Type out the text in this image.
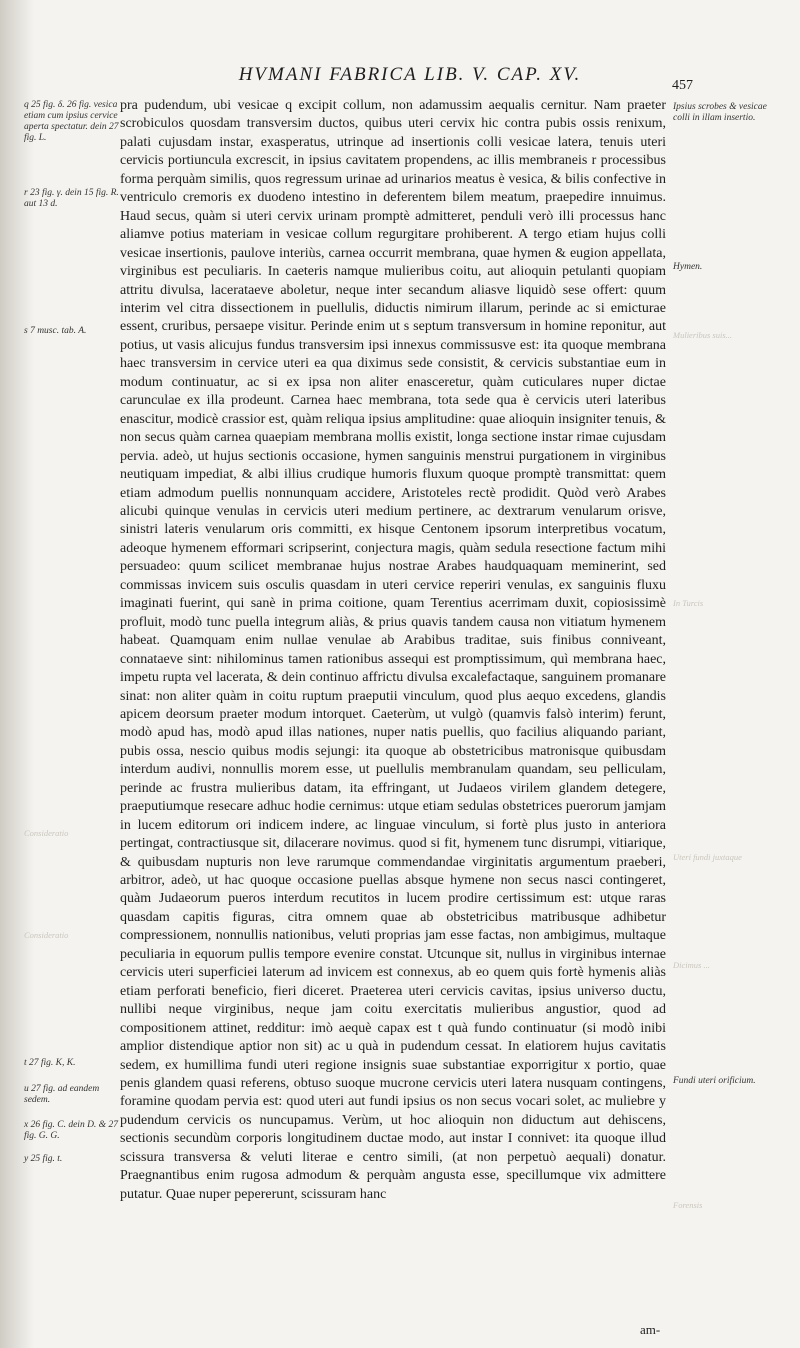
HVMANI FABRICA LIB. V. CAP. XV.
457
q 25 fig. δ. 26 fig. vesica etiam cum ipsius cervice aperta spectatur. dein 27 fig. L.
r 23 fig. γ. dein 15 fig. R. aut 13 d.
s 7 musc. tab. A.
t 27 fig. K, K.
u 27 fig. ad eandem sedem.
x 26 fig. C. dein D. & 27 fig. G. G.
y 25 fig. t.
Ipsius scrobes & vesicae colli in illam insertio.
Hymen.
Fundi uteri orificium.
Mulieribus suis...
In Turcis
Consideratio
Uteri fundi juxtaque
Consideratio
Dicimus ...
Forensis
pra pudendum, ubi vesicae q excipit collum, non adamussim aequalis cernitur. Nam praeter scrobiculos quosdam transversim ductos, quibus uteri cervix hic contra pubis ossis renixum, palati cujusdam instar, exasperatus, utrinque ad insertionis colli vesicae latera, tenuis uteri cervicis portiuncula excrescit, in ipsius cavitatem propendens, ac illis membraneis r processibus forma perquàm similis, quos regressum urinae ad urinarios meatus è vesica, & bilis confective in ventriculo cremoris ex duodeno intestino in deferentem bilem meatum, praepedire innuimus. Haud secus, quàm si uteri cervix urinam promptè admitteret, penduli verò illi processus hanc aliamve potius materiam in vesicae collum regurgitare prohiberent. A tergo etiam hujus colli vesicae insertionis, paulove interiùs, carnea occurrit membrana, quae hymen & eugion appellata, virginibus est peculiaris. In caeteris namque mulieribus coitu, aut alioquin petulanti quopiam attritu divulsa, lacerataeve aboletur, neque inter secandum aliasve liquidò sese offert: quum interim vel citra dissectionem in puellulis, diductis nimirum illarum, perinde ac si emicturae essent, cruribus, persaepe visitur. Perinde enim ut s septum transversum in homine reponitur, aut potius, ut vasis alicujus fundus transversim ipsi innexus commissusve est: ita quoque membrana haec transversim in cervice uteri ea qua diximus sede consistit, & cervicis substantiae eum in modum continuatur, ac si ex ipsa non aliter enasceretur, quàm cuticulares nuper dictae carunculae ex illa prodeunt. Carnea haec membrana, tota sede qua è cervicis uteri lateribus enascitur, modicè crassior est, quàm reliqua ipsius amplitudine: quae alioquin insigniter tenuis, & non secus quàm carnea quaepiam membrana mollis existit, longa sectione instar rimae cujusdam pervia. adeò, ut hujus sectionis occasione, hymen sanguinis menstrui purgationem in virginibus neutiquam impediat, & albi illius crudique humoris fluxum quoque promptè transmittat: quem etiam admodum puellis nonnunquam accidere, Aristoteles rectè prodidit. Quòd verò Arabes alicubi quinque venulas in cervicis uteri medium pertinere, ac dextrarum venularum orisve, sinistri lateris venularum oris committi, ex hisque Centonem ipsorum interpretibus vocatum, adeoque hymenem efformari scripserint, conjectura magis, quàm sedula resectione factum mihi persuadeo: quum scilicet membranae hujus nostrae Arabes haudquaquam meminerint, sed commissas invicem suis osculis quasdam in uteri cervice reperiri venulas, ex sanguinis fluxu imaginati fuerint, qui sanè in prima coitione, quam Terentius acerrimam duxit, copiosissimè profluit, modò tunc puella integrum aliàs, & prius quavis tandem causa non vitiatum hymenem habeat. Quamquam enim nullae venulae ab Arabibus traditae, suis finibus conniveant, connataeve sint: nihilominus tamen rationibus assequi est promptissimum, quì membrana haec, impetu rupta vel lacerata, & dein continuo affrictu divulsa excalefactaque, sanguinem promanare sinat: non aliter quàm in coitu ruptum praeputii vinculum, quod plus aequo excedens, glandis apicem deorsum praeter modum intorquet. Caeterùm, ut vulgò (quamvis falsò interim) ferunt, modò apud has, modò apud illas nationes, nuper natis puellis, quo facilius aliquando pariant, pubis ossa, nescio quibus modis sejungi: ita quoque ab obstetricibus matronisque quibusdam interdum audivi, nonnullis morem esse, ut puellulis membranulam quandam, seu pelliculam, perinde ac frustra mulieribus datam, ita effringant, ut Judaeos virilem glandem detegere, praeputiumque resecare adhuc hodie cernimus: utque etiam sedulas obstetrices puerorum jamjam in lucem editorum ori indicem indere, ac linguae vinculum, si fortè plus justo in anteriora pertingat, contractiusque sit, dilacerare novimus. quod si fit, hymenem tunc disrumpi, vitiarique, & quibusdam nupturis non leve rarumque commendandae virginitatis argumentum praeberi, arbitror, adeò, ut hac quoque occasione puellas absque hymene non secus nasci contingeret, quàm Judaeorum pueros interdum recutitos in lucem prodire certissimum est: utque raras quasdam capitis figuras, citra omnem quae ab obstetricibus matribusque adhibetur compressionem, nonnullis nationibus, veluti proprias jam esse factas, non ambigimus, multaque peculiaria in equorum pullis tempore evenire constat. Utcunque sit, nullus in virginibus internae cervicis uteri superficiei laterum ad invicem est connexus, ab eo quem quis fortè hymenis aliàs etiam perforati beneficio, fieri diceret. Praeterea uteri cervicis cavitas, ipsius universo ductu, nullibi neque virginibus, neque jam coitu exercitatis mulieribus angustior, quod ad compositionem attinet, redditur: imò aequè capax est t quà fundo continuatur (si modò inibi amplior distendique aptior non sit) ac u quà in pudendum cessat. In elatiorem hujus cavitatis sedem, ex humillima fundi uteri regione insignis suae substantiae exporrigitur x portio, quae penis glandem quasi referens, obtuso suoque mucrone cervicis uteri latera nusquam contingens, foramine quodam pervia est: quod uteri aut fundi ipsius os non secus vocari solet, ac muliebre y pudendum cervicis os nuncupamus. Verùm, ut hoc alioquin non diductum aut dehiscens, sectionis secundùm corporis longitudinem ductae modo, aut instar I connivet: ita quoque illud scissura transversa & veluti literae e centro simili, (at non perpetuò aequali) donatur. Praegnantibus enim rugosa admodum & perquàm angusta esse, specillumque vix admittere putatur. Quae nuper pepererunt, scissuram hanc
am-
